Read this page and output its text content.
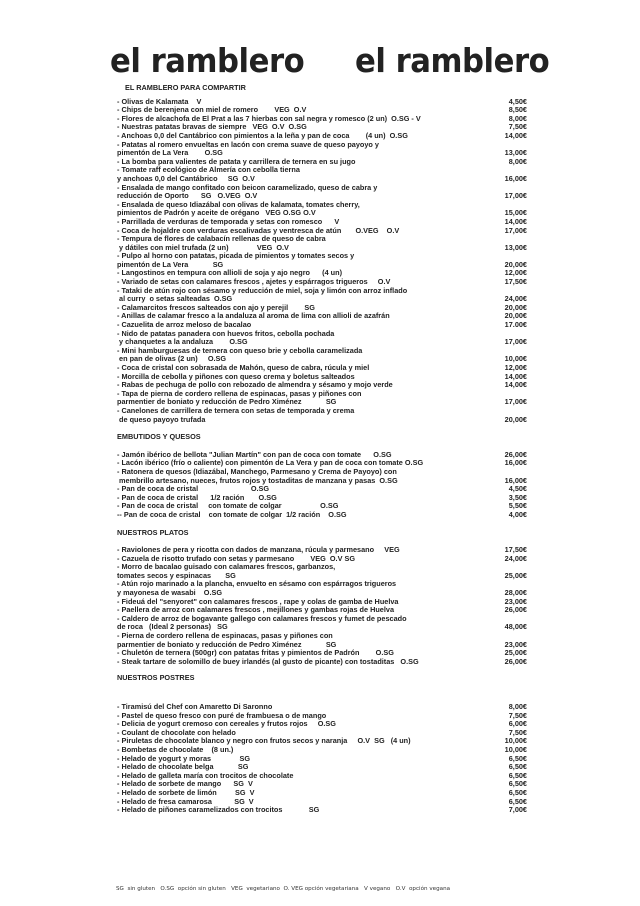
el ramblero el ramblero
EL RAMBLERO PARA COMPARTIR
- Olivas de Kalamata    V	4,50€
- Chips de berenjena con miel de romero        VEG  O.V	8,50€
- Flores de alcachofa de El Prat a las 7 hierbas con sal negra y romesco (2 un)  O.SG - V	8,00€
- Nuestras patatas bravas de siempre   VEG  O.V  O.SG	7,50€
- Anchoas 0,0 del Cantábrico con pimientos a la leña y pan de coca        (4 un)  O.SG	14,00€
- Patatas al romero envueltas en lacón con crema suave de queso payoyo y
pimentón de La Vera        O.SG	13,00€
- La bomba para valientes de patata y carrillera de ternera en su jugo	8,00€
- Tomate raff ecológico de Almería con cebolla tierna
y anchoas 0,0 del Cantábrico     SG  O.V	16,00€
- Ensalada de mango confitado con beicon caramelizado, queso de cabra y
reducción de Oporto      SG   O.VEG  O.V	17,00€
- Ensalada de queso Idiazábal con olivas de kalamata, tomates cherry,
pimientos de Padrón y aceite de orégano   VEG O.SG O.V	15,00€
- Parrillada de verduras de temporada y setas con romesco      V	14,00€
- Coca de hojaldre con verduras escalivadas y ventresca de atún       O.VEG    O.V	17,00€
- Tempura de flores de calabacín rellenas de queso de cabra
y dátiles con miel trufada (2 un)              VEG  O.V	13,00€
- Pulpo al horno con patatas, picada de pimientos y tomates secos y
pimentón de La Vera            SG	20,00€
- Langostinos en tempura con allioli de soja y ajo negro      (4 un)	12,00€
- Variado de setas con calamares frescos , ajetes y espárragos trigueros     O.V	17,50€
- Tataki de atún rojo con sésamo y reducción de miel, soja y limón con arroz inflado
al curry  o setas salteadas  O.SG	24,00€
- Calamarcitos frescos salteados con ajo y perejil        SG	20,00€
- Anillas de calamar fresco a la andaluza al aroma de lima con allioli de azafrán	20,00€
- Cazuelita de arroz meloso de bacalao	17.00€
- Nido de patatas panadera con huevos fritos, cebolla pochada
y chanquetes a la andaluza        O.SG	17,00€
- Mini hamburguesas de ternera con queso brie y cebolla caramelizada
en pan de olivas (2 un)     O.SG	10,00€
- Coca de cristal con sobrasada de Mahón, queso de cabra, rúcula y miel	12,00€
- Morcilla de cebolla y piñones con queso crema y boletus salteados	14,00€
- Rabas de pechuga de pollo con rebozado de almendra y sésamo y mojo verde	14,00€
- Tapa de pierna de cordero rellena de espinacas, pasas y piñones con
parmentier de boniato y reducción de Pedro Ximénez            SG	17,00€
- Canelones de carrillera de ternera con setas de temporada y crema
de queso payoyo trufada	20,00€
EMBUTIDOS Y QUESOS
- Jamón ibérico de bellota "Julian Martín" con pan de coca con tomate      O.SG	26,00€
- Lacón ibérico (frío o caliente) con pimentón de La Vera y pan de coca con tomate O.SG	16,00€
- Ratonera de quesos (Idiazábal, Manchego, Parmesano y Crema de Payoyo) con
membrillo artesano, nueces, frutos rojos y tostaditas de manzana y pasas  O.SG	16,00€
- Pan de coca de cristal                          O.SG	4,50€
- Pan de coca de cristal      1/2 ración       O.SG	3,50€
- Pan de coca de cristal     con tomate de colgar                   O.SG	5,50€
-- Pan de coca de cristal    con tomate de colgar  1/2 ración    O.SG	4,00€
NUESTROS PLATOS
- Raviolones de pera y ricotta con dados de manzana, rúcula y parmesano     VEG	17,50€
- Cazuela de risotto trufado con setas y parmesano        VEG  O.V SG	24,00€
- Morro de bacalao guisado con calamares frescos, garbanzos,
tomates secos y espinacas       SG	25,00€
- Atún rojo marinado a la plancha, envuelto en sésamo con espárragos trigueros
y mayonesa de wasabi    O.SG	28,00€
- Fideuá del "senyoret" con calamares frescos , rape y colas de gamba de Huelva	23,00€
- Paellera de arroz con calamares frescos , mejillones y gambas rojas de Huelva	26,00€
- Caldero de arroz de bogavante gallego con calamares frescos y fumet de pescado
de roca   (Ideal 2 personas)   SG	48,00€
- Pierna de cordero rellena de espinacas, pasas y piñones con
parmentier de boniato y reducción de Pedro Ximénez            SG	23,00€
- Chuletón de ternera (500gr) con patatas fritas y pimientos de Padrón        O.SG	25,00€
- Steak tartare de solomillo de buey irlandés (al gusto de picante) con tostaditas   O.SG	26,00€
NUESTROS POSTRES
- Tiramisú del Chef con Amaretto Di Saronno	8,00€
- Pastel de queso fresco con puré de frambuesa o de mango	7,50€
- Delicia de yogurt cremoso con cereales y frutos rojos     O.SG	6,00€
- Coulant de chocolate con helado	7,50€
- Piruletas de chocolate blanco y negro con frutos secos y naranja     O.V  SG   (4 un)	10,00€
- Bombetas de chocolate    (8 un.)	10,00€
- Helado de yogurt y moras              SG	6,50€
- Helado de chocolate belga            SG	6,50€
- Helado de galleta maría con trocitos de chocolate	6,50€
- Helado de sorbete de mango      SG  V	6,50€
- Helado de sorbete de limón         SG  V	6,50€
- Helado de fresa camarosa           SG  V	6,50€
- Helado de piñones caramelizados con trocitos             SG	7,00€
SG  sin gluten   O.SG  opción sin gluten   VEG  vegetariano  O. VEG opción vegetariana   V vegano   O.V  opción vegana
